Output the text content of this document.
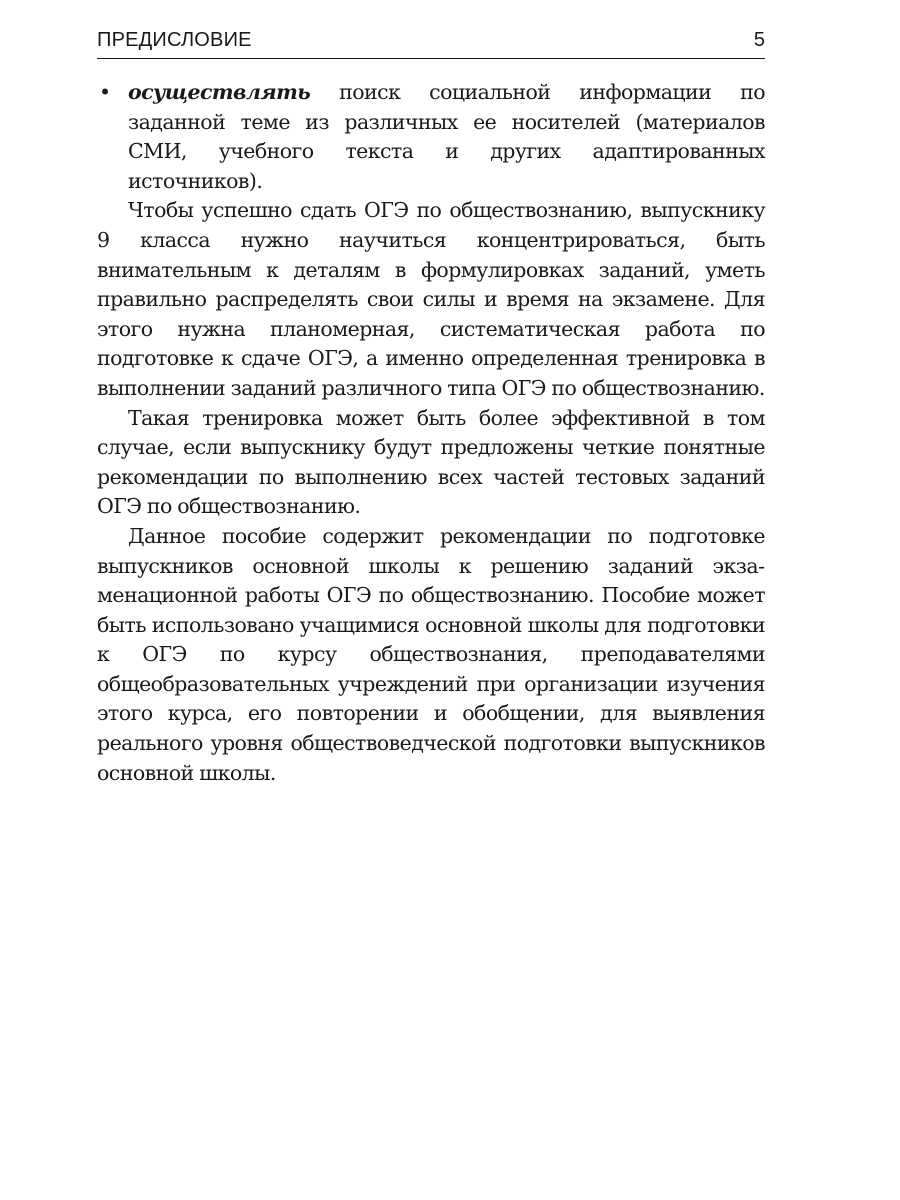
ПРЕДИСЛОВИЕ	5

• осуществлять поиск социальной информации по заданной теме из различных ее носителей (материалов СМИ, учебного текста и других адаптированных источников).

Чтобы успешно сдать ОГЭ по обществознанию, выпускнику 9 класса нужно научиться концентрироваться, быть внимательным к деталям в формулировках заданий, уметь правильно распределять свои силы и время на экзамене. Для этого нужна планомерная, систематическая работа по подготовке к сдаче ОГЭ, а именно определенная тренировка в выполнении заданий различного типа ОГЭ по обществознанию.

Такая тренировка может быть более эффективной в том случае, если выпускнику будут предложены четкие понятные рекомендации по выполнению всех частей тестовых заданий ОГЭ по обществознанию.

Данное пособие содержит рекомендации по подготовке выпускников основной школы к решению заданий экзаменационной работы ОГЭ по обществознанию. Пособие может быть использовано учащимися основной школы для подготовки к ОГЭ по курсу обществознания, преподавателями общеобразовательных учреждений при организации изучения этого курса, его повторении и обобщении, для выявления реального уровня обществоведческой подготовки выпускников основной школы.
